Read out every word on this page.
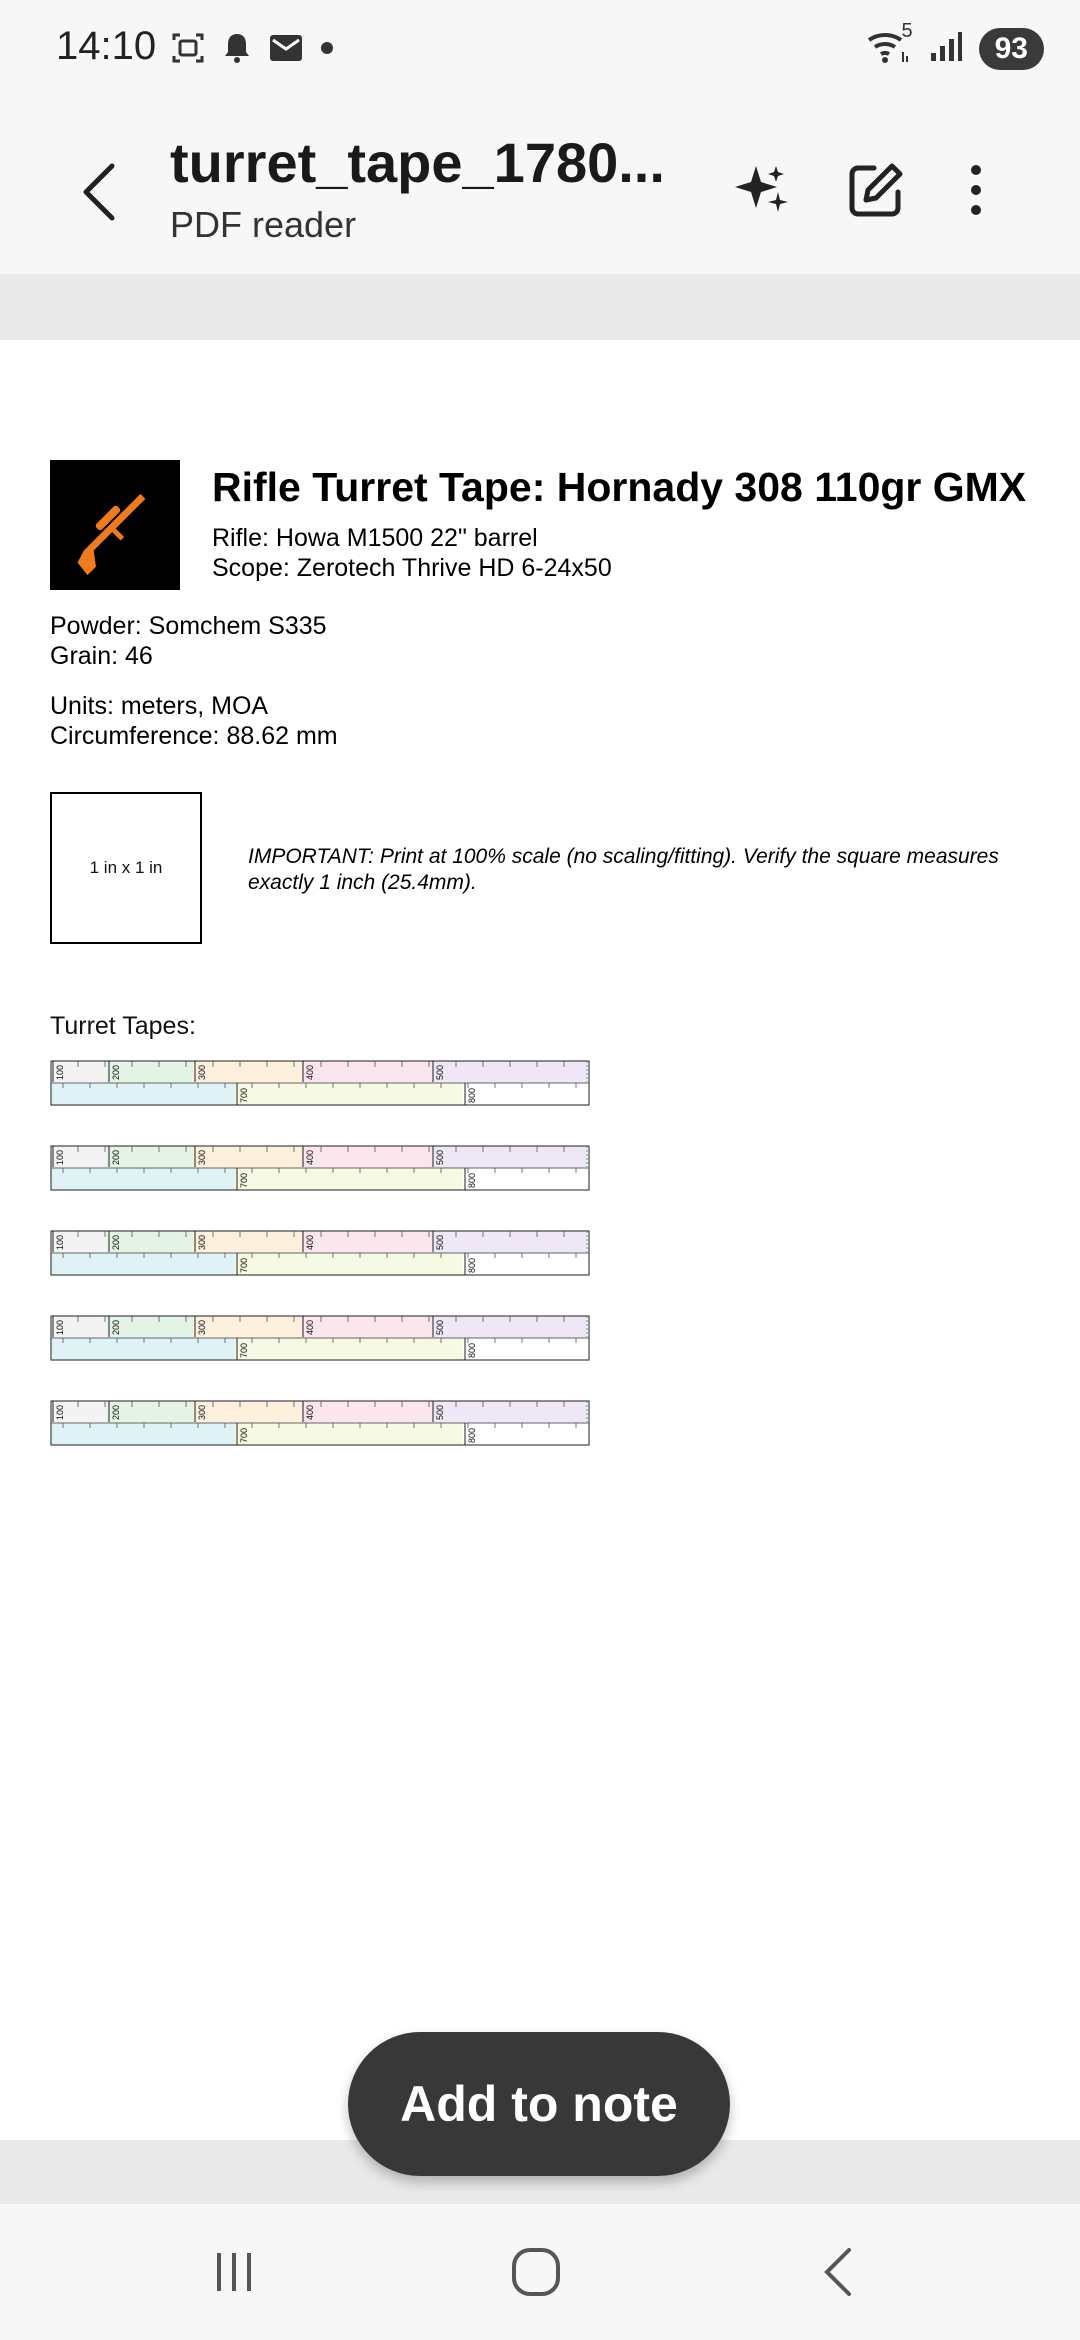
14:10	5
93
turret_tape_1780...
PDF reader
Rifle Turret Tape: Hornady 308 110gr GMX
Rifle: Howa M1500 22" barrel
Scope: Zerotech Thrive HD 6-24x50
Powder: Somchem S335
Grain: 46
Units: meters, MOA
Circumference: 88.62 mm
1 in x 1 in	IMPORTANT: Print at 100% scale (no scaling/fitting). Verify the square measures exactly 1 inch (25.4mm).
Turret Tapes:
100	200	300	400	500
700	800
100	200	300	400	500
700	800
100	200	300	400	500
700	800
100	200	300	400	500
700	800
100	200	300	400	500
700	800
Add to note
